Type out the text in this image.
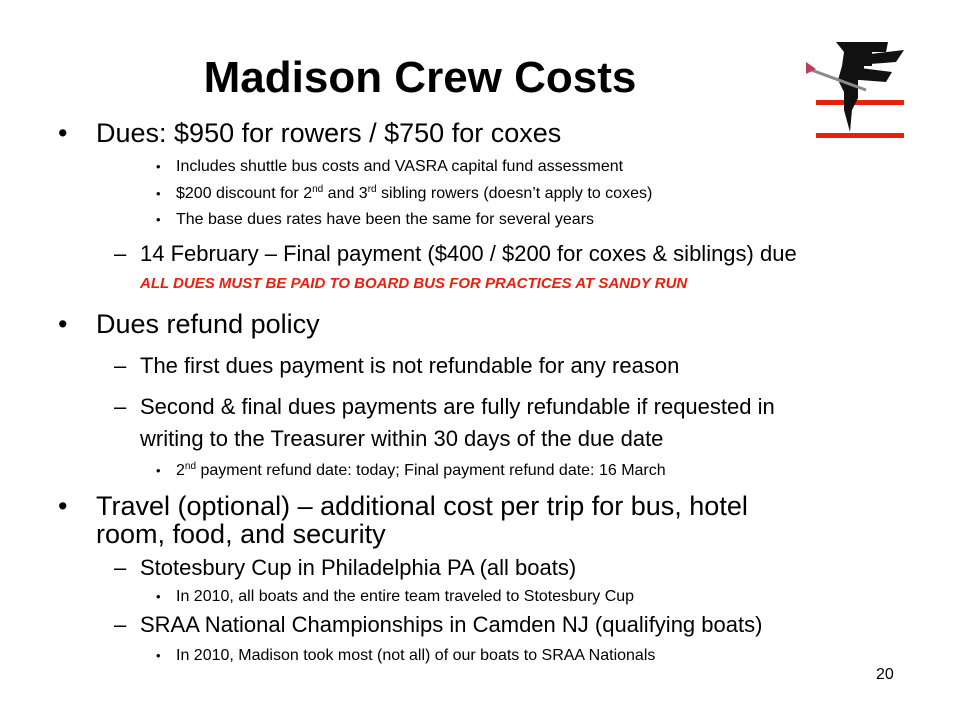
Madison Crew Costs
• Dues: $950 for rowers / $750 for coxes
• Includes shuttle bus costs and VASRA capital fund assessment
• $200 discount for 2nd and 3rd sibling rowers (doesn’t apply to coxes)
• The base dues rates have been the same for several years
– 14 February – Final payment ($400 / $200 for coxes & siblings) due
ALL DUES MUST BE PAID TO BOARD BUS FOR PRACTICES AT SANDY RUN
• Dues refund policy
– The first dues payment is not refundable for any reason
– Second & final dues payments are fully refundable if requested in
writing to the Treasurer within 30 days of the due date
• 2nd payment refund date: today; Final payment refund date: 16 March
• Travel (optional) – additional cost per trip for bus, hotel
room, food, and security
– Stotesbury Cup in Philadelphia PA (all boats)
• In 2010, all boats and the entire team traveled to Stotesbury Cup
– SRAA National Championships in Camden NJ (qualifying boats)
• In 2010, Madison took most (not all) of our boats to SRAA Nationals
20
